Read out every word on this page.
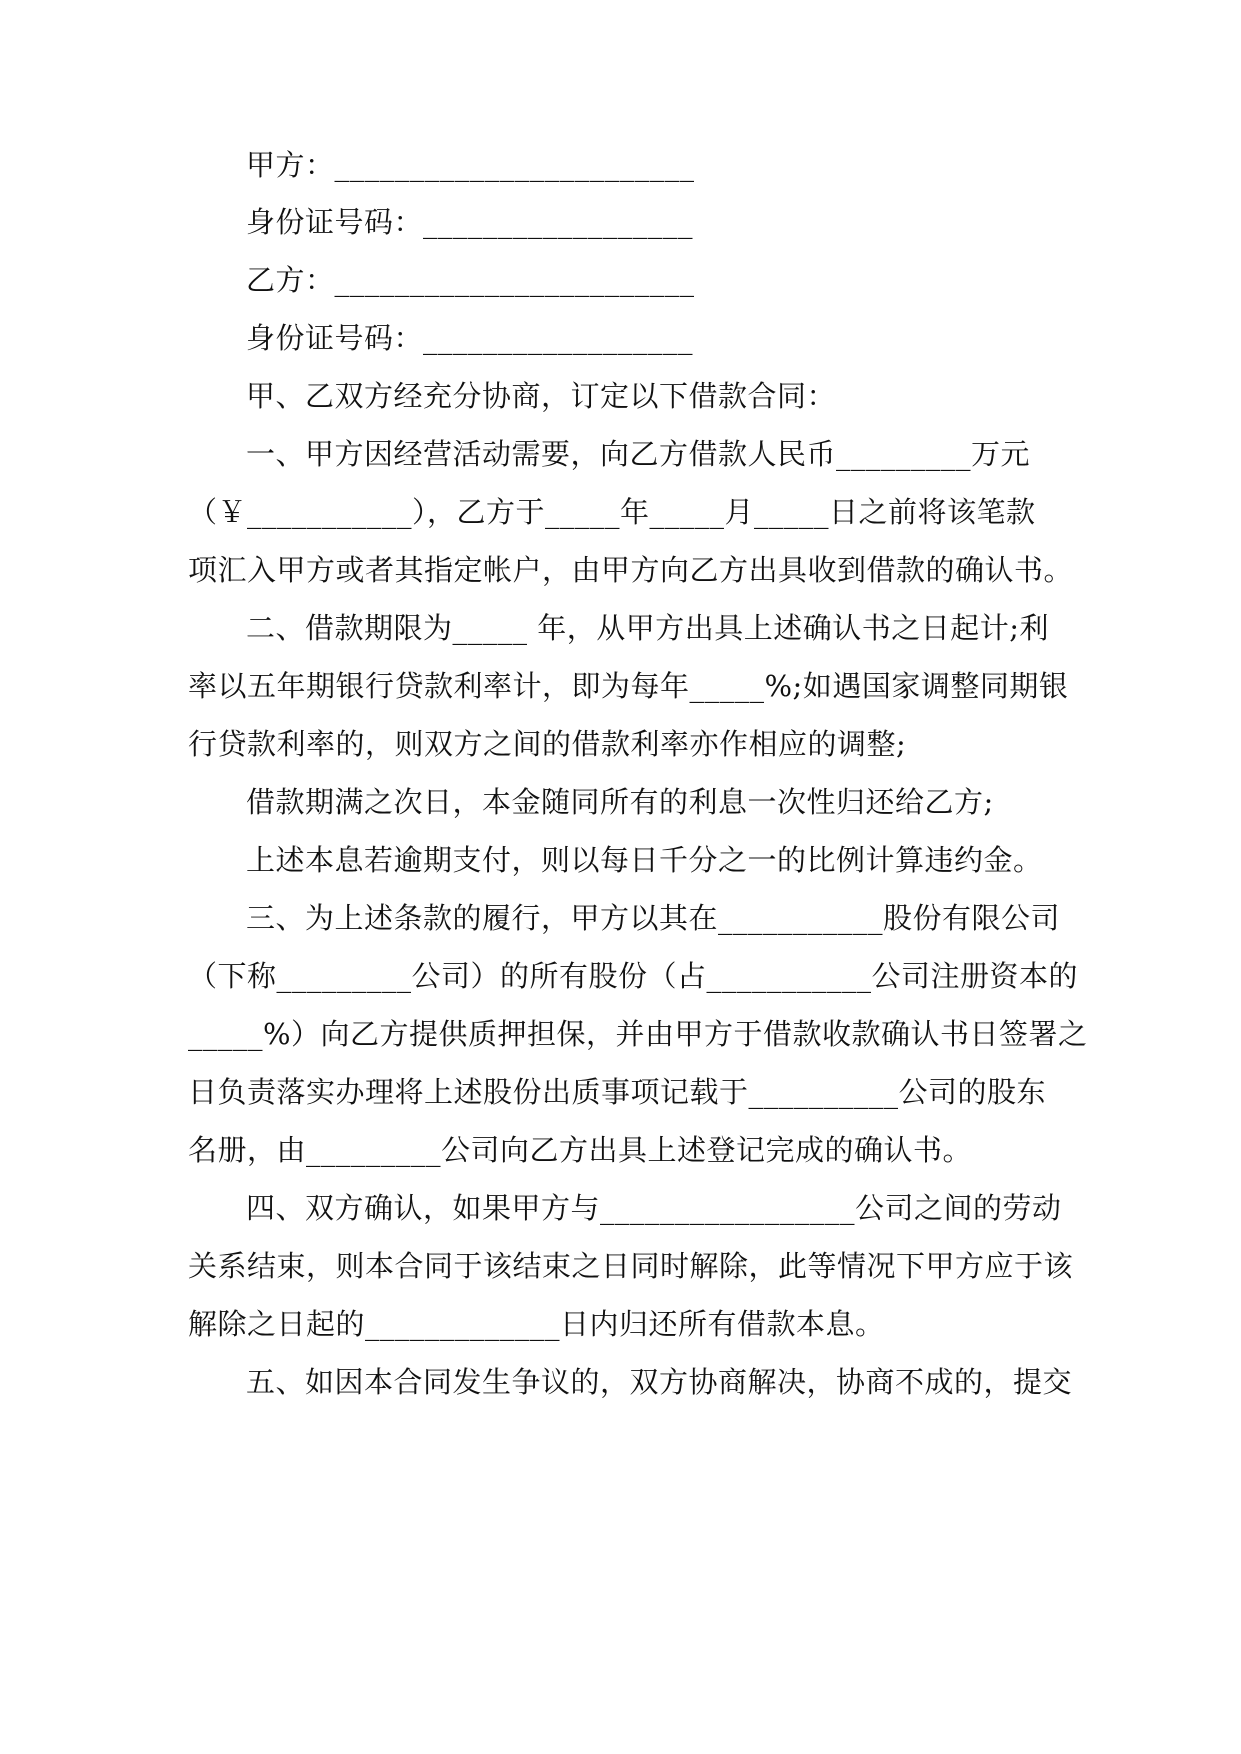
甲方：________________________
身份证号码：__________________
乙方：________________________
身份证号码：__________________
甲、乙双方经充分协商，订定以下借款合同：
一、甲方因经营活动需要，向乙方借款人民币_________万元
（￥___________），乙方于_____年_____月_____日之前将该笔款
项汇入甲方或者其指定帐户，由甲方向乙方出具收到借款的确认书。
二、借款期限为_____ 年，从甲方出具上述确认书之日起计;利
率以五年期银行贷款利率计，即为每年_____%;如遇国家调整同期银
行贷款利率的，则双方之间的借款利率亦作相应的调整;
借款期满之次日，本金随同所有的利息一次性归还给乙方;
上述本息若逾期支付，则以每日千分之一的比例计算违约金。
三、为上述条款的履行，甲方以其在___________股份有限公司
（下称_________公司）的所有股份（占___________公司注册资本的
_____%）向乙方提供质押担保，并由甲方于借款收款确认书日签署之
日负责落实办理将上述股份出质事项记载于__________公司的股东
名册，由_________公司向乙方出具上述登记完成的确认书。
四、双方确认，如果甲方与_________________公司之间的劳动
关系结束，则本合同于该结束之日同时解除，此等情况下甲方应于该
解除之日起的_____________日内归还所有借款本息。
五、如因本合同发生争议的，双方协商解决，协商不成的，提交
